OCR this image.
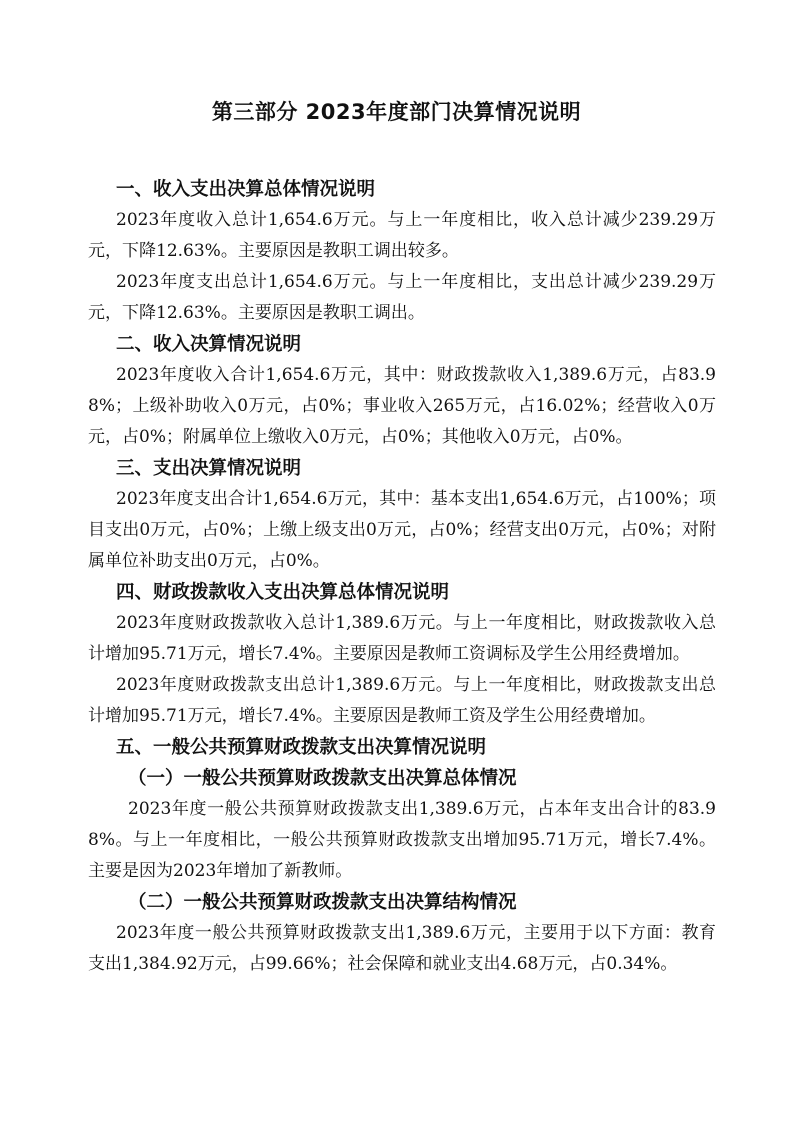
第三部分 2023年度部门决算情况说明
一、收入支出决算总体情况说明

2023年度收入总计1,654.6万元。与上一年度相比，收入总计减少239.29万元，下降12.63%。主要原因是教职工调出较多。

2023年度支出总计1,654.6万元。与上一年度相比，支出总计减少239.29万元，下降12.63%。主要原因是教职工调出。

二、收入决算情况说明

2023年度收入合计1,654.6万元，其中：财政拨款收入1,389.6万元，占83.98%；上级补助收入0万元，占0%；事业收入265万元，占16.02%；经营收入0万元，占0%；附属单位上缴收入0万元，占0%；其他收入0万元，占0%。

三、支出决算情况说明

2023年度支出合计1,654.6万元，其中：基本支出1,654.6万元，占100%；项目支出0万元，占0%；上缴上级支出0万元，占0%；经营支出0万元，占0%；对附属单位补助支出0万元，占0%。

四、财政拨款收入支出决算总体情况说明

2023年度财政拨款收入总计1,389.6万元。与上一年度相比，财政拨款收入总计增加95.71万元，增长7.4%。主要原因是教师工资调标及学生公用经费增加。

2023年度财政拨款支出总计1,389.6万元。与上一年度相比，财政拨款支出总计增加95.71万元，增长7.4%。主要原因是教师工资及学生公用经费增加。

五、一般公共预算财政拨款支出决算情况说明
（一）一般公共预算财政拨款支出决算总体情况

2023年度一般公共预算财政拨款支出1,389.6万元，占本年支出合计的83.98%。与上一年度相比，一般公共预算财政拨款支出增加95.71万元，增长7.4%。主要是因为2023年增加了新教师。

（二）一般公共预算财政拨款支出决算结构情况

2023年度一般公共预算财政拨款支出1,389.6万元，主要用于以下方面：教育支出1,384.92万元，占99.66%；社会保障和就业支出4.68万元，占0.34%。
